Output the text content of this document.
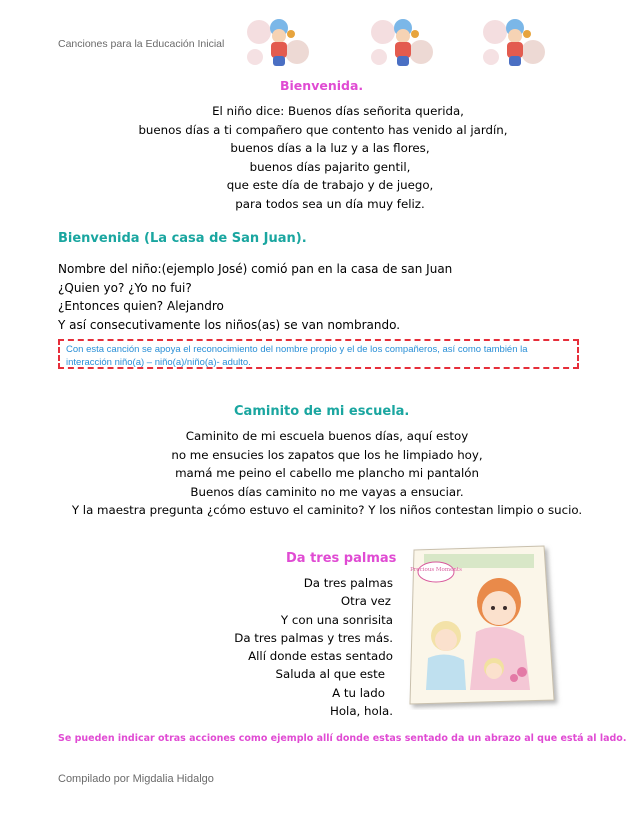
Canciones para la Educación Inicial
Bienvenida.
El niño dice: Buenos días señorita querida,
buenos días a ti compañero que contento has venido al jardín,
buenos días a la luz y a las flores,
buenos días pajarito gentil,
que este día de trabajo y de juego,
para todos sea un día muy feliz.
Bienvenida (La casa de San Juan).
Nombre del niño:(ejemplo José) comió pan en la casa de san Juan
¿Quien yo? ¿Yo no fui?
¿Entonces quien? Alejandro
Y así consecutivamente los niños(as) se van nombrando.
Con esta canción se apoya el reconocimiento del nombre propio y el de los compañeros, así como también la interacción niño(a) – niño(a)/niño(a)- adulto.
Caminito de mi escuela.
Caminito de mi escuela buenos días, aquí estoy
no me ensucies los zapatos que los he limpiado hoy,
mamá me peino el cabello me plancho mi pantalón
Buenos días caminito no me vayas a ensuciar.
Y la maestra pregunta ¿cómo estuvo el caminito? Y los niños contestan limpio o sucio.
Da tres palmas
Da tres palmas
Otra vez
Y con una sonrisita
Da tres palmas y tres más.
Allí donde estas sentado
Saluda al que este
A tu lado
Hola, hola.
Precious Moments
Se pueden indicar otras acciones como ejemplo allí donde estas sentado da un abrazo al que está al lado.
Compilado por Migdalia Hidalgo
